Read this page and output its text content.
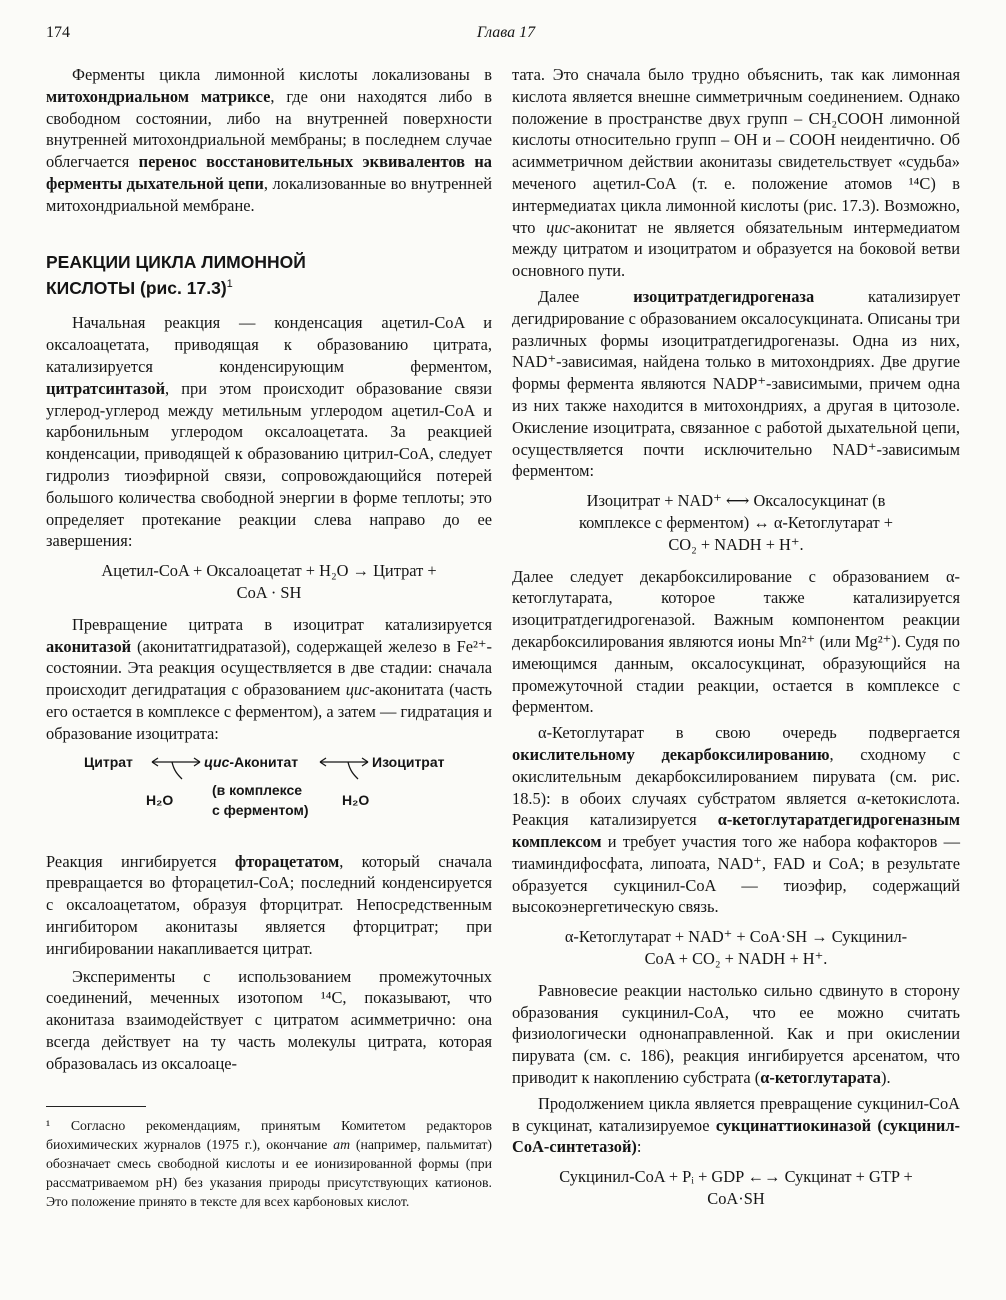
174	Глава 17

Ферменты цикла лимонной кислоты локализованы в митохондриальном матриксе, где они находятся либо в свободном состоянии, либо на внутренней поверхности внутренней митохондриальной мембраны; в последнем случае облегчается перенос восстановительных эквивалентов на ферменты дыхательной цепи, локализованные во внутренней митохондриальной мембране.

РЕАКЦИИ ЦИКЛА ЛИМОННОЙ
КИСЛОТЫ (рис. 17.3)$^1$

Начальная реакция — конденсация ацетил-CoA и оксалоацетата, приводящая к образованию цитрата, катализируется конденсирующим ферментом, цитратсинтазой, при этом происходит образование связи углерод-углерод между метильным углеродом ацетил-CoA и карбонильным углеродом оксалоацетата. За реакцией конденсации, приводящей к образованию цитрил-CoA, следует гидролиз тиоэфирной связи, сопровождающийся потерей большого количества свободной энергии в форме теплоты; это определяет протекание реакции слева направо до ее завершения:

Ацетил-CoA + Оксалоацетат + H₂O → Цитрат +
CoA · SH

Превращение цитрата в изоцитрат катализируется аконитазой (аконитатгидратазой), содержащей железо в Fe²⁺-состоянии. Эта реакция осуществляется в две стадии: сначала происходит дегидратация с образованием цис-аконитата (часть его остается в комплексе с ферментом), а затем — гидратация и образование изоцитрата:

Цитрат	цис-Аконитат	Изоцитрат
(в комплексе
с ферментом)
H₂O	H₂O

Реакция ингибируется фторацетатом, который сначала превращается во фторацетил-CoA; последний конденсируется с оксалоацетатом, образуя фторцитрат. Непосредственным ингибитором аконитазы является фторцитрат; при ингибировании накапливается цитрат.

Эксперименты с использованием промежуточных соединений, меченных изотопом ¹⁴C, показывают, что аконитаза взаимодействует с цитратом асимметрично: она всегда действует на ту часть молекулы цитрата, которая образовалась из оксалоаце-

¹ Согласно рекомендациям, принятым Комитетом редакторов биохимических журналов (1975 г.), окончание ат (например, пальмитат) обозначает смесь свободной кислоты и ее ионизированной формы (при рассматриваемом pH) без указания природы присутствующих катионов. Это положение принято в тексте для всех карбоновых кислот.

тата. Это сначала было трудно объяснить, так как лимонная кислота является внешне симметричным соединением. Однако положение в пространстве двух групп – CH₂COOH лимонной кислоты относительно групп – OH и – COOH неидентично. Об асимметричном действии аконитазы свидетельствует «судьба» меченого ацетил-CoA (т. е. положение атомов ¹⁴C) в интермедиатах цикла лимонной кислоты (рис. 17.3). Возможно, что цис-аконитат не является обязательным интермедиатом между цитратом и изоцитратом и образуется на боковой ветви основного пути.

Далее изоцитратдегидрогеназа катализирует дегидрирование с образованием оксалосукцината. Описаны три различных формы изоцитратдегидрогеназы. Одна из них, NAD⁺-зависимая, найдена только в митохондриях. Две другие формы фермента являются NADP⁺-зависимыми, причем одна из них также находится в митохондриях, а другая в цитозоле. Окисление изоцитрата, связанное с работой дыхательной цепи, осуществляется почти исключительно NAD⁺-зависимым ферментом:

Изоцитрат + NAD⁺ ⟷ Оксалосукцинат (в
комплексе с ферментом) ↔ α-Кетоглутарат +
CO₂ + NADH + H⁺.

Далее следует декарбоксилирование с образованием α-кетоглутарата, которое также катализируется изоцитратдегидрогеназой. Важным компонентом реакции декарбоксилирования являются ионы Mn²⁺ (или Mg²⁺). Судя по имеющимся данным, оксалосукцинат, образующийся на промежуточной стадии реакции, остается в комплексе с ферментом.

α-Кетоглутарат в свою очередь подвергается окислительному декарбоксилированию, сходному с окислительным декарбоксилированием пирувата (см. рис. 18.5): в обоих случаях субстратом является α-кетокислота. Реакция катализируется α-кетоглутаратдегидрогеназным комплексом и требует участия того же набора кофакторов — тиаминдифосфата, липоата, NAD⁺, FAD и CoA; в результате образуется сукцинил-CoA — тиоэфир, содержащий высокоэнергетическую связь.

α-Кетоглутарат + NAD⁺ + CoA·SH → Сукцинил-
CoA + CO₂ + NADH + H⁺.

Равновесие реакции настолько сильно сдвинуто в сторону образования сукцинил-CoA, что ее можно считать физиологически однонаправленной. Как и при окислении пирувата (см. с. 186), реакция ингибируется арсенатом, что приводит к накоплению субстрата (α-кетоглутарата).

Продолжением цикла является превращение сукцинил-CoA в сукцинат, катализируемое сукцинаттиокиназой (сукцинил-CoA-синтетазой):

Сукцинил-CoA + Pᵢ + GDP ←→ Сукцинат + GTP +
CoA·SH
